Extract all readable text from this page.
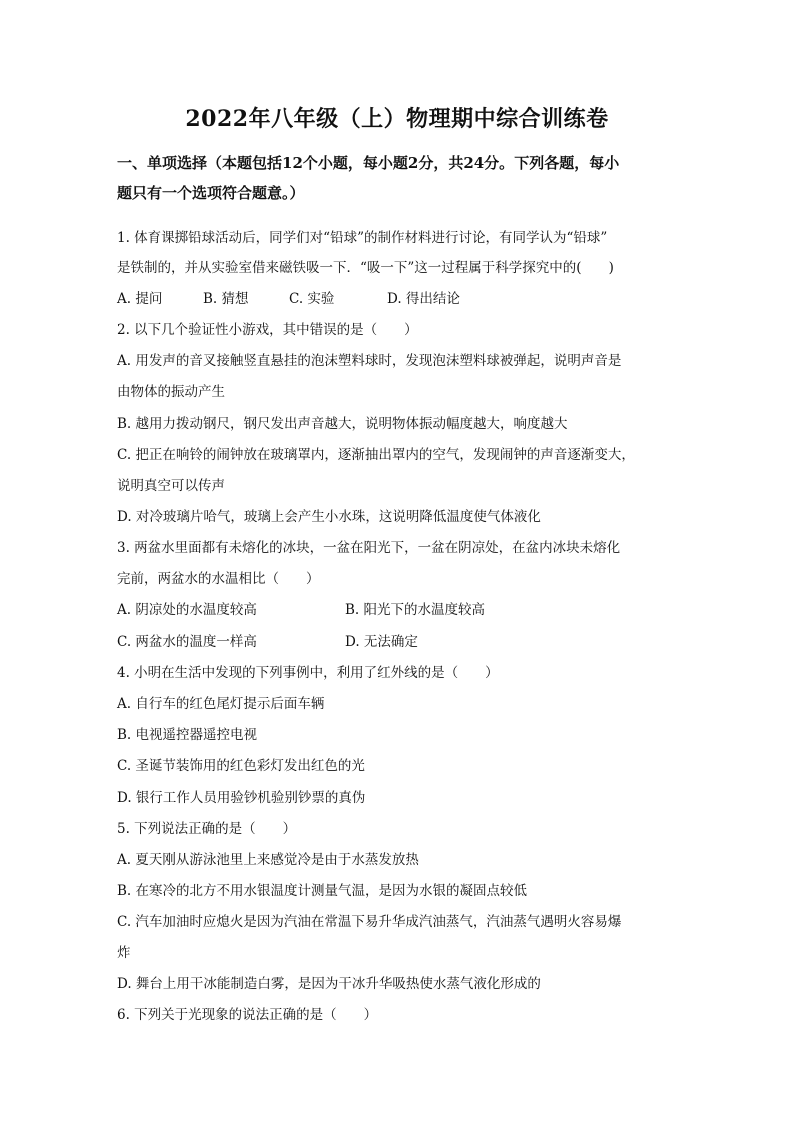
2022年八年级（上）物理期中综合训练卷
一、单项选择（本题包括12个小题，每小题2分，共24分。下列各题，每小
题只有一个选项符合题意。）
1. 体育课掷铅球活动后，同学们对“铅球”的制作材料进行讨论，有同学认为“铅球”
是铁制的，并从实验室借来磁铁吸一下．“吸一下”这一过程属于科学探究中的(　　)
A. 提问	B. 猜想	C. 实验	D. 得出结论
2. 以下几个验证性小游戏，其中错误的是（　　）
A. 用发声的音叉接触竖直悬挂的泡沫塑料球时，发现泡沫塑料球被弹起，说明声音是
由物体的振动产生
B. 越用力拨动钢尺，钢尺发出声音越大，说明物体振动幅度越大，响度越大
C. 把正在响铃的闹钟放在玻璃罩内，逐渐抽出罩内的空气，发现闹钟的声音逐渐变大，
说明真空可以传声
D. 对冷玻璃片哈气，玻璃上会产生小水珠，这说明降低温度使气体液化
3. 两盆水里面都有未熔化的冰块，一盆在阳光下，一盆在阴凉处，在盆内冰块未熔化
完前，两盆水的水温相比（　　）
A. 阴凉处的水温度较高	B. 阳光下的水温度较高
C. 两盆水的温度一样高	D. 无法确定
4. 小明在生活中发现的下列事例中，利用了红外线的是（　　）
A. 自行车的红色尾灯提示后面车辆
B. 电视遥控器遥控电视
C. 圣诞节装饰用的红色彩灯发出红色的光
D. 银行工作人员用验钞机验别钞票的真伪
5. 下列说法正确的是（　　）
A. 夏天刚从游泳池里上来感觉冷是由于水蒸发放热
B. 在寒冷的北方不用水银温度计测量气温，是因为水银的凝固点较低
C. 汽车加油时应熄火是因为汽油在常温下易升华成汽油蒸气，汽油蒸气遇明火容易爆
炸
D. 舞台上用干冰能制造白雾，是因为干冰升华吸热使水蒸气液化形成的
6. 下列关于光现象的说法正确的是（　　）
